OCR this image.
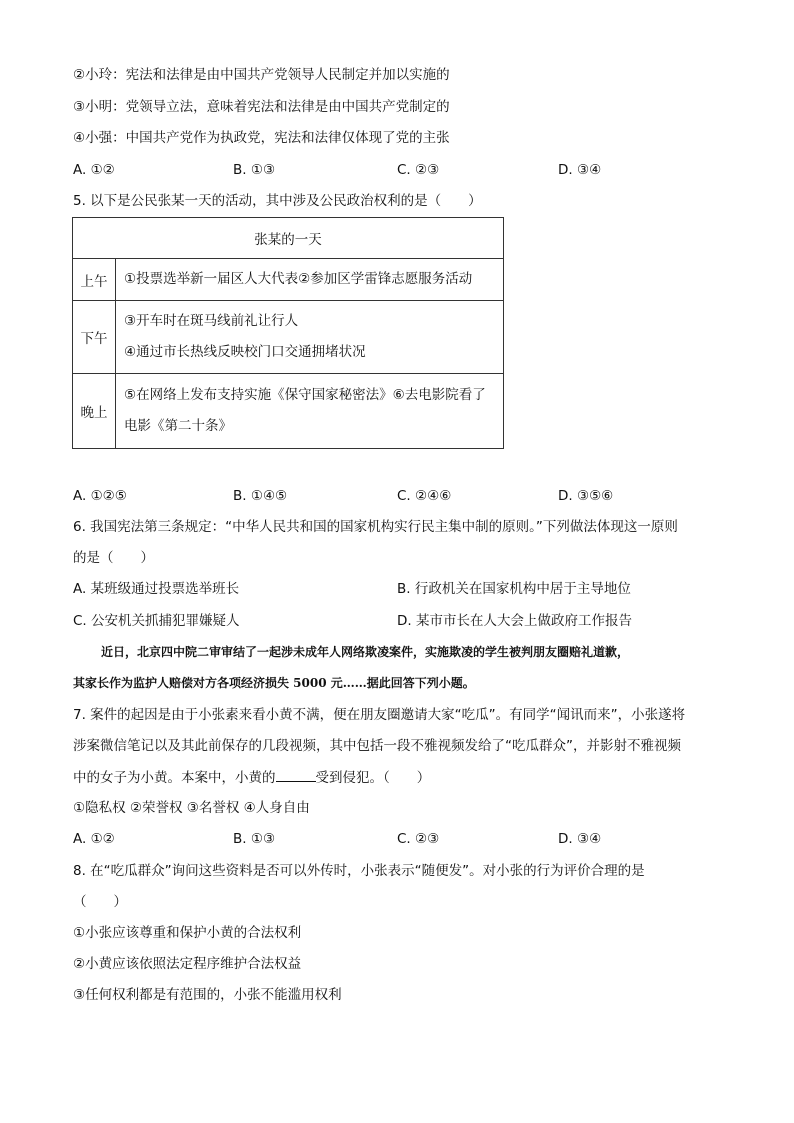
②小玲：宪法和法律是由中国共产党领导人民制定并加以实施的
③小明：党领导立法，意味着宪法和法律是由中国共产党制定的
④小强：中国共产党作为执政党，宪法和法律仅体现了党的主张
A. ①②	B. ①③	C. ②③	D. ③④
5. 以下是公民张某一天的活动，其中涉及公民政治权利的是（　　）
张某的一天	
上午	①投票选举新一届区人大代表②参加区学雷锋志愿服务活动

下午	③开车时在斑马线前礼让行人
④通过市长热线反映校门口交通拥堵状况

晚上	⑤在网络上发布支持实施《保守国家秘密法》⑥去电影院看了
电影《第二十条》
A. ①②⑤	B. ①④⑤	C. ②④⑥	D. ③⑤⑥
6. 我国宪法第三条规定：“中华人民共和国的国家机构实行民主集中制的原则。”下列做法体现这一原则
的是（　　）
A. 某班级通过投票选举班长	B. 行政机关在国家机构中居于主导地位
C. 公安机关抓捕犯罪嫌疑人	D. 某市市长在人大会上做政府工作报告
近日，北京四中院二审审结了一起涉未成年人网络欺凌案件，实施欺凌的学生被判朋友圈赔礼道歉，
其家长作为监护人赔偿对方各项经济损失 5000 元……据此回答下列小题。
7. 案件的起因是由于小张素来看小黄不满，便在朋友圈邀请大家“吃瓜”。有同学“闻讯而来”，小张遂将
涉案微信笔记以及其此前保存的几段视频，其中包括一段不雅视频发给了“吃瓜群众”，并影射不雅视频
中的女子为小黄。本案中，小黄的	受到侵犯。（　　）
①隐私权 ②荣誉权 ③名誉权 ④人身自由
A. ①②	B. ①③	C. ②③	D. ③④
8. 在“吃瓜群众”询问这些资料是否可以外传时，小张表示“随便发”。对小张的行为评价合理的是
（　　）
①小张应该尊重和保护小黄的合法权利
②小黄应该依照法定程序维护合法权益
③任何权利都是有范围的，小张不能滥用权利
